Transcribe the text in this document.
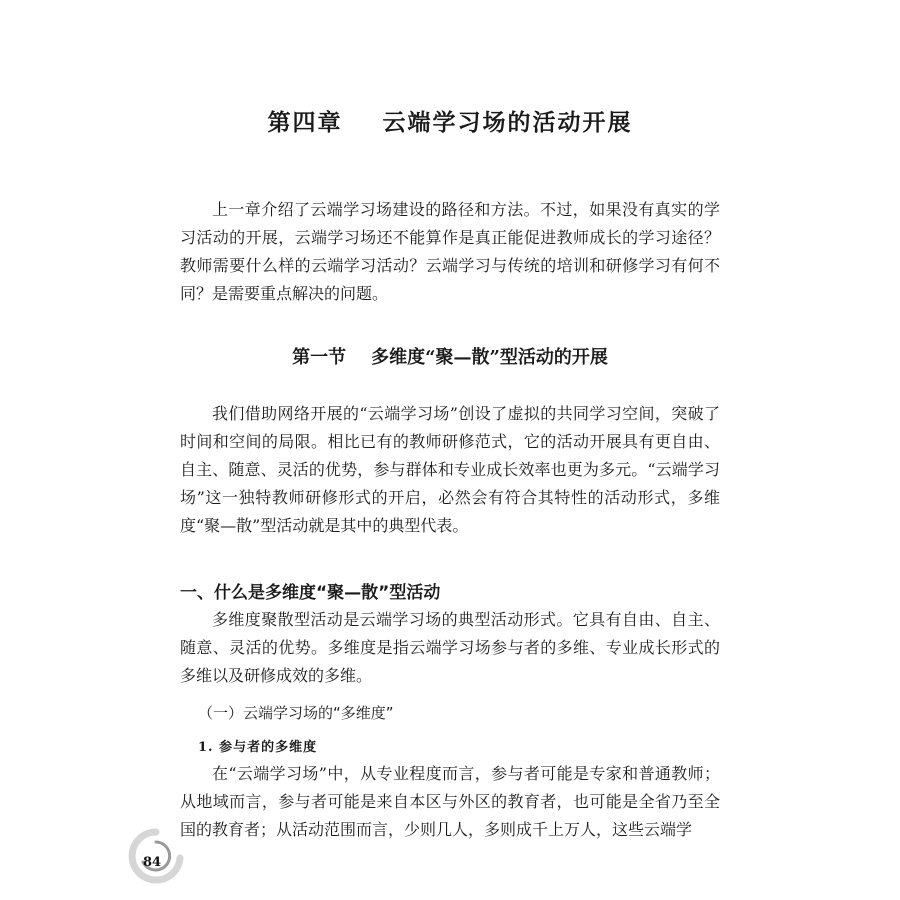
第四章    云端学习场的活动开展

上一章介绍了云端学习场建设的路径和方法。不过，如果没有真实的学习活动的开展，云端学习场还不能算作是真正能促进教师成长的学习途径？教师需要什么样的云端学习活动？云端学习与传统的培训和研修学习有何不同？是需要重点解决的问题。

第一节    多维度“聚—散”型活动的开展

我们借助网络开展的“云端学习场”创设了虚拟的共同学习空间，突破了时间和空间的局限。相比已有的教师研修范式，它的活动开展具有更自由、自主、随意、灵活的优势，参与群体和专业成长效率也更为多元。“云端学习场”这一独特教师研修形式的开启，必然会有符合其特性的活动形式，多维度“聚—散”型活动就是其中的典型代表。

一、什么是多维度“聚—散”型活动

多维度聚散型活动是云端学习场的典型活动形式。它具有自由、自主、随意、灵活的优势。多维度是指云端学习场参与者的多维、专业成长形式的多维以及研修成效的多维。

（一）云端学习场的“多维度”
1. 参与者的多维度

在“云端学习场”中，从专业程度而言，参与者可能是专家和普通教师；从地域而言，参与者可能是来自本区与外区的教育者，也可能是全省乃至全国的教育者；从活动范围而言，少则几人，多则成千上万人，这些云端学

84
